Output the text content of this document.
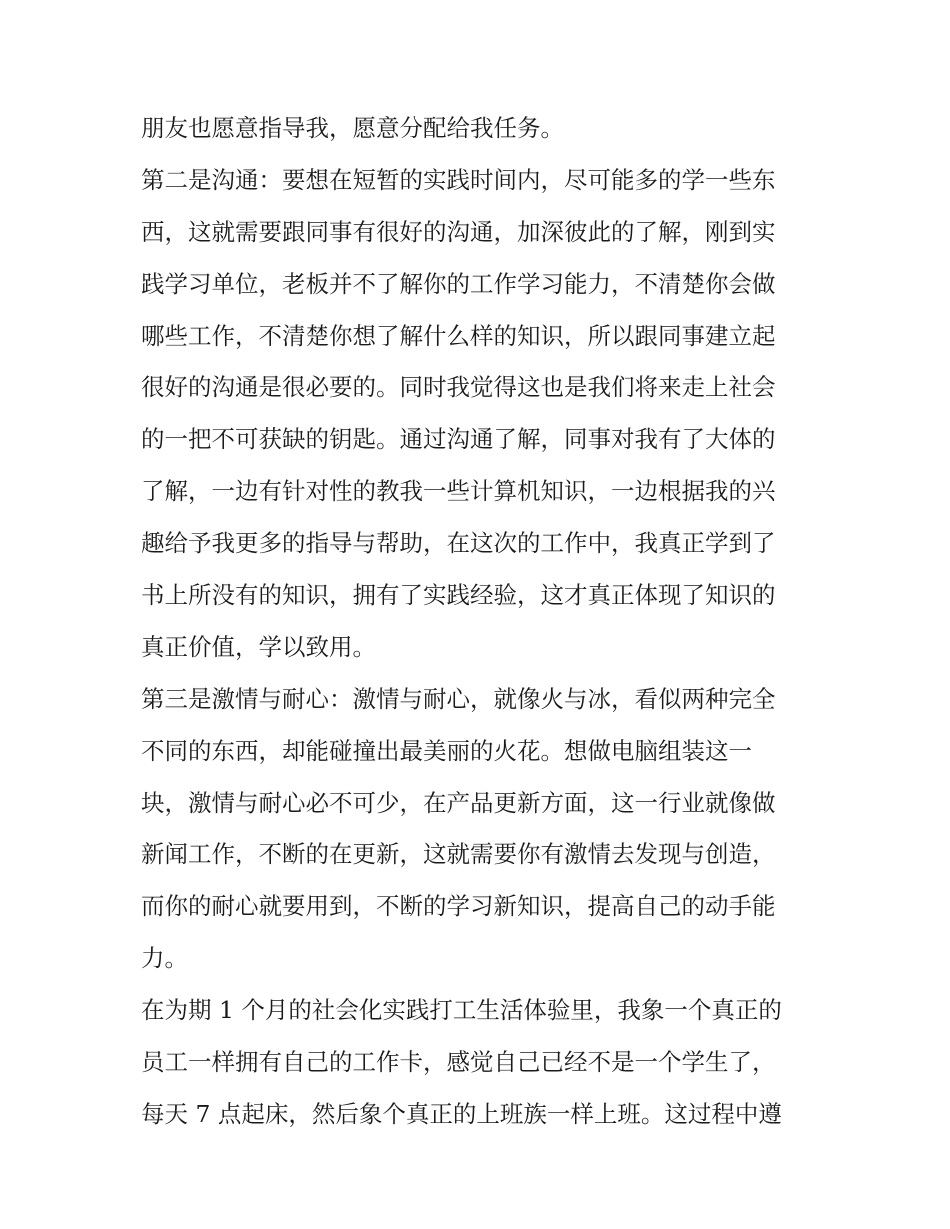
朋友也愿意指导我，愿意分配给我任务。
第二是沟通：要想在短暂的实践时间内，尽可能多的学一些东
西，这就需要跟同事有很好的沟通，加深彼此的了解，刚到实
践学习单位，老板并不了解你的工作学习能力，不清楚你会做
哪些工作，不清楚你想了解什么样的知识，所以跟同事建立起
很好的沟通是很必要的。同时我觉得这也是我们将来走上社会
的一把不可获缺的钥匙。通过沟通了解，同事对我有了大体的
了解，一边有针对性的教我一些计算机知识，一边根据我的兴
趣给予我更多的指导与帮助，在这次的工作中，我真正学到了
书上所没有的知识，拥有了实践经验，这才真正体现了知识的
真正价值，学以致用。
第三是激情与耐心：激情与耐心，就像火与冰，看似两种完全
不同的东西，却能碰撞出最美丽的火花。想做电脑组装这一
块，激情与耐心必不可少，在产品更新方面，这一行业就像做
新闻工作，不断的在更新，这就需要你有激情去发现与创造，
而你的耐心就要用到，不断的学习新知识，提高自己的动手能
力。
在为期 1 个月的社会化实践打工生活体验里，我象一个真正的
员工一样拥有自己的工作卡，感觉自己已经不是一个学生了，
每天 7 点起床，然后象个真正的上班族一样上班。这过程中遵
